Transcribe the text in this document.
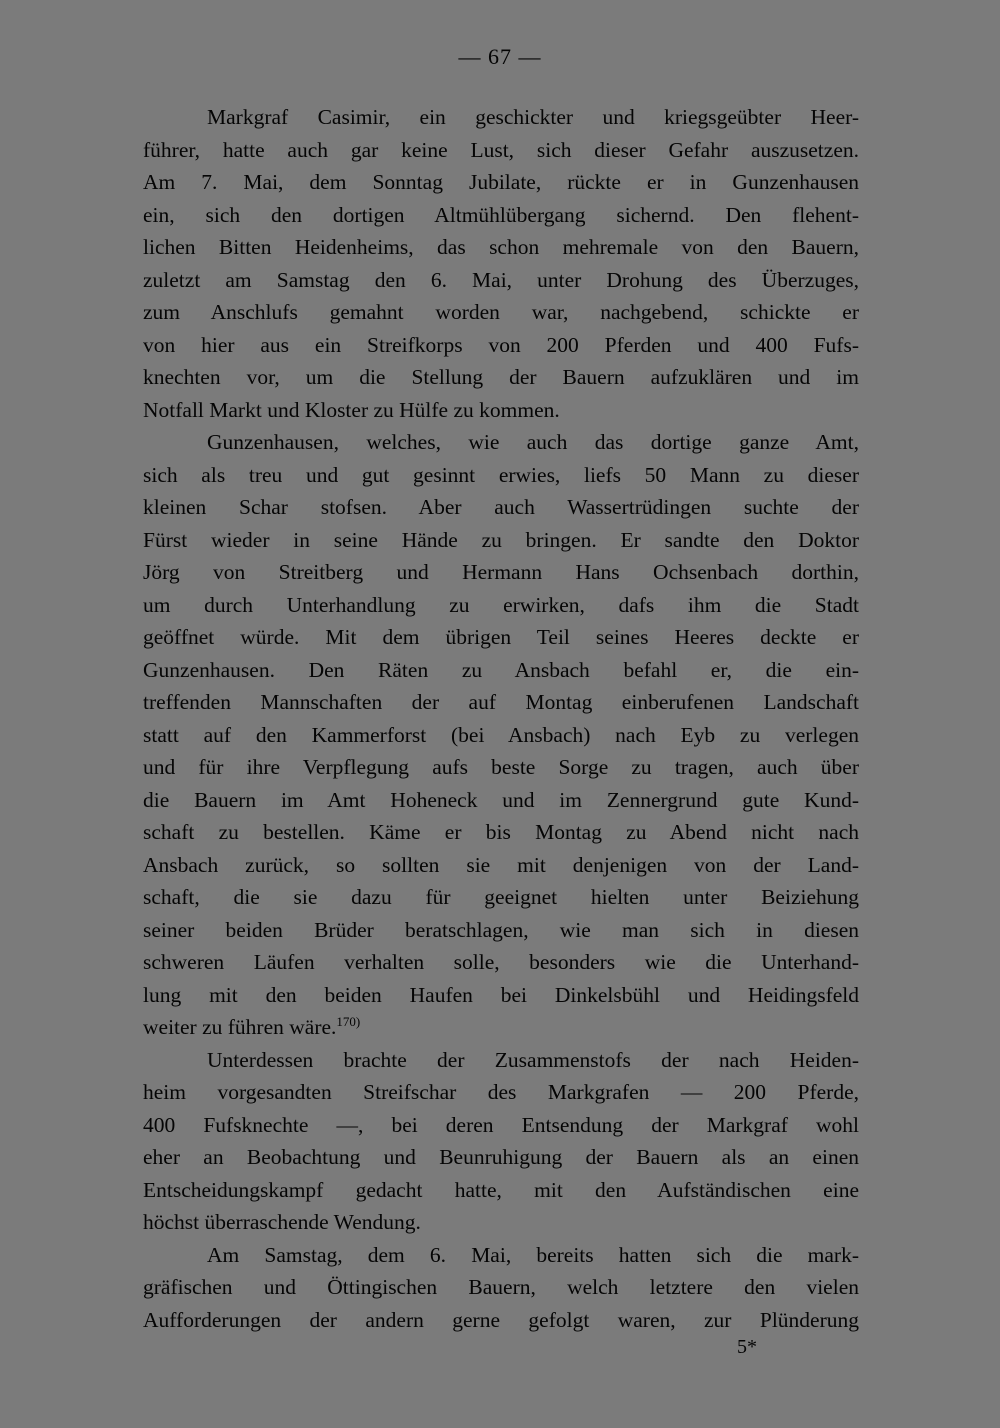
— 67 —
Markgraf Casimir, ein geschickter und kriegsgeübter Heer-
führer, hatte auch gar keine Lust, sich dieser Gefahr auszusetzen.
Am 7. Mai, dem Sonntag Jubilate, rückte er in Gunzenhausen
ein, sich den dortigen Altmühlübergang sichernd. Den flehent-
lichen Bitten Heidenheims, das schon mehremale von den Bauern,
zuletzt am Samstag den 6. Mai, unter Drohung des Überzuges,
zum Anschlufs gemahnt worden war, nachgebend, schickte er
von hier aus ein Streifkorps von 200 Pferden und 400 Fufs-
knechten vor, um die Stellung der Bauern aufzuklären und im
Notfall Markt und Kloster zu Hülfe zu kommen.
Gunzenhausen, welches, wie auch das dortige ganze Amt,
sich als treu und gut gesinnt erwies, liefs 50 Mann zu dieser
kleinen Schar stofsen. Aber auch Wassertrüdingen suchte der
Fürst wieder in seine Hände zu bringen. Er sandte den Doktor
Jörg von Streitberg und Hermann Hans Ochsenbach dorthin,
um durch Unterhandlung zu erwirken, dafs ihm die Stadt
geöffnet würde. Mit dem übrigen Teil seines Heeres deckte er
Gunzenhausen. Den Räten zu Ansbach befahl er, die ein-
treffenden Mannschaften der auf Montag einberufenen Landschaft
statt auf den Kammerforst (bei Ansbach) nach Eyb zu verlegen
und für ihre Verpflegung aufs beste Sorge zu tragen, auch über
die Bauern im Amt Hoheneck und im Zennergrund gute Kund-
schaft zu bestellen. Käme er bis Montag zu Abend nicht nach
Ansbach zurück, so sollten sie mit denjenigen von der Land-
schaft, die sie dazu für geeignet hielten unter Beiziehung
seiner beiden Brüder beratschlagen, wie man sich in diesen
schweren Läufen verhalten solle, besonders wie die Unterhand-
lung mit den beiden Haufen bei Dinkelsbühl und Heidingsfeld
weiter zu führen wäre.$^{170)}$
Unterdessen brachte der Zusammenstofs der nach Heiden-
heim vorgesandten Streifschar des Markgrafen — 200 Pferde,
400 Fufsknechte —, bei deren Entsendung der Markgraf wohl
eher an Beobachtung und Beunruhigung der Bauern als an einen
Entscheidungskampf gedacht hatte, mit den Aufständischen eine
höchst überraschende Wendung.
Am Samstag, dem 6. Mai, bereits hatten sich die mark-
gräfischen und Öttingischen Bauern, welch letztere den vielen
Aufforderungen der andern gerne gefolgt waren, zur Plünderung
5*
